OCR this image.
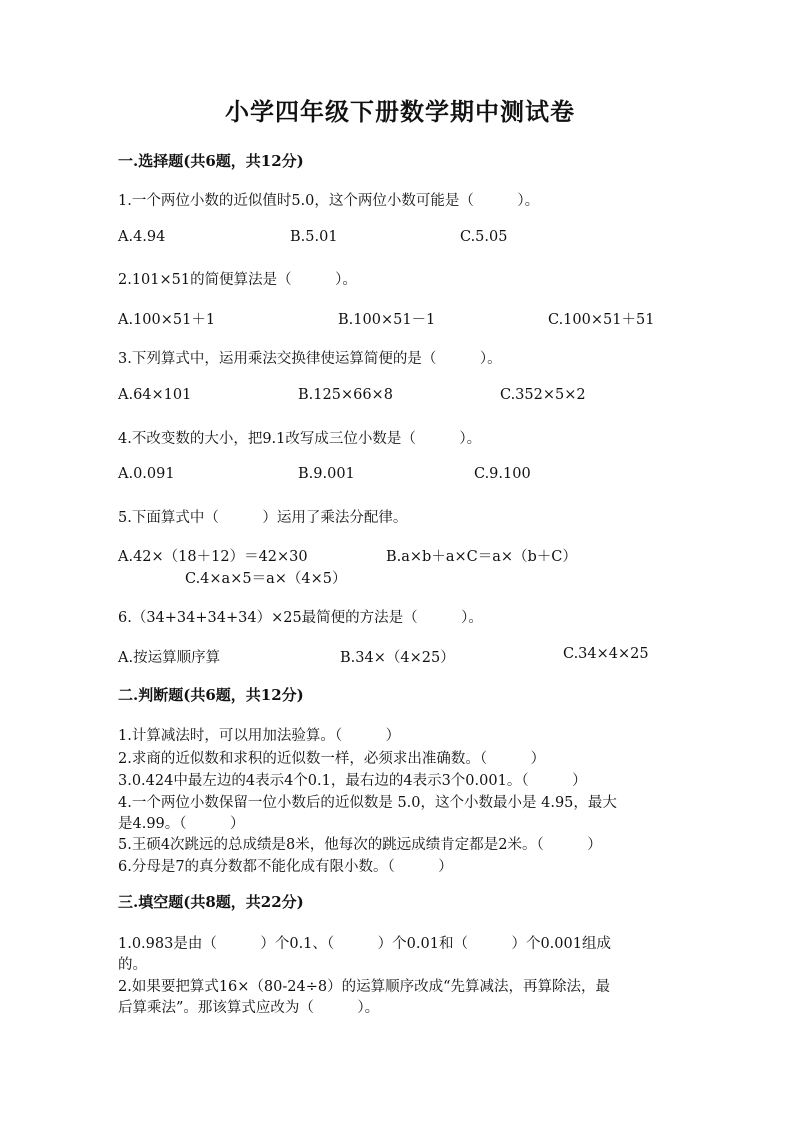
小学四年级下册数学期中测试卷
一.选择题(共6题，共12分)
1.一个两位小数的近似值时5.0，这个两位小数可能是（　　　）。
A.4.94	B.5.01	C.5.05
2.101×51的简便算法是（　　　）。
A.100×51＋1	B.100×51－1	C.100×51＋51
3.下列算式中，运用乘法交换律使运算简便的是（　　　）。
A.64×101	B.125×66×8	C.352×5×2
4.不改变数的大小，把9.1改写成三位小数是（　　　）。
A.0.091	B.9.001	C.9.100
5.下面算式中（　　　）运用了乘法分配律。
A.42×（18＋12）＝42×30	B.a×b＋a×C＝a×（b＋C）
C.4×a×5＝a×（4×5）
6.（34+34+34+34）×25最简便的方法是（　　　）。
A.按运算顺序算	B.34×（4×25）	C.34×4×25
二.判断题(共6题，共12分)
1.计算减法时，可以用加法验算。（　　　）
2.求商的近似数和求积的近似数一样，必须求出准确数。（　　　）
3.0.424中最左边的4表示4个0.1，最右边的4表示3个0.001。（　　　）
4.一个两位小数保留一位小数后的近似数是 5.0，这个小数最小是 4.95，最大
是4.99。（　　　）
5.王硕4次跳远的总成绩是8米，他每次的跳远成绩肯定都是2米。（　　　）
6.分母是7的真分数都不能化成有限小数。（　　　）
三.填空题(共8题，共22分)
1.0.983是由（　　　）个0.1、（　　　）个0.01和（　　　）个0.001组成
的。
2.如果要把算式16×（80-24÷8）的运算顺序改成“先算减法，再算除法，最
后算乘法”。那该算式应改为（　　　）。
